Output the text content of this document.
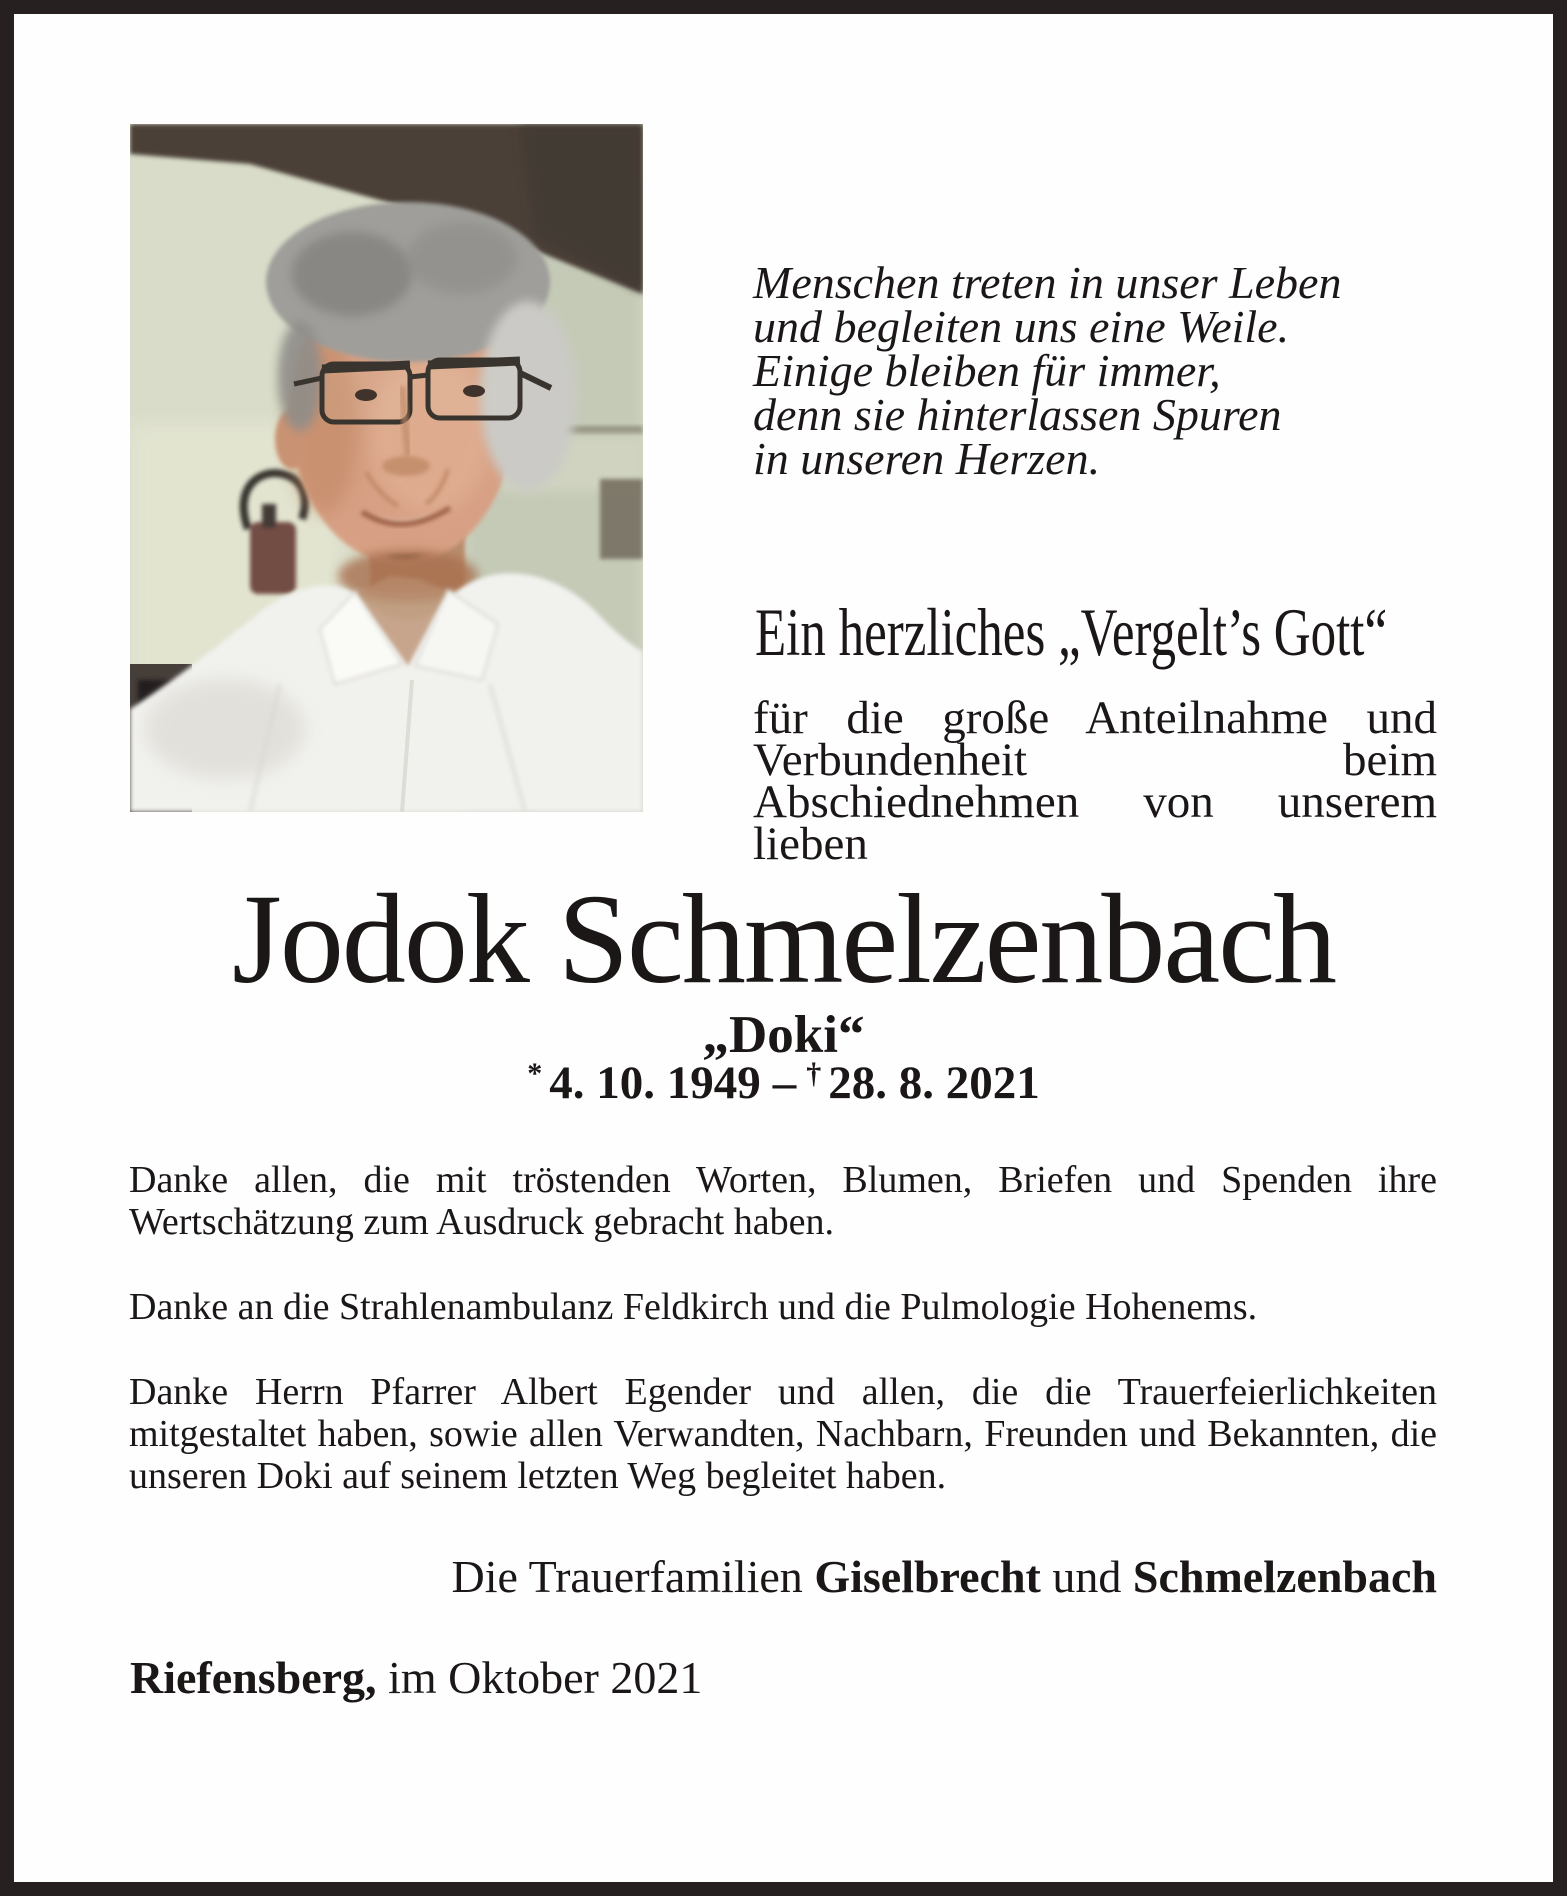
Menschen treten in unser Leben
und begleiten uns eine Weile.
Einige bleiben für immer,
denn sie hinterlassen Spuren
in unseren Herzen.
Ein herzliches „Vergelt’s Gott“

für die große Anteilnahme und Verbundenheit beim Abschiednehmen von unserem lieben

Jodok Schmelzenbach
„Doki“
* 4. 10. 1949 – † 28. 8. 2021

Danke allen, die mit tröstenden Worten, Blumen, Briefen und Spenden ihre Wertschätzung zum Ausdruck gebracht haben.

Danke an die Strahlenambulanz Feldkirch und die Pulmologie Hohenems.

Danke Herrn Pfarrer Albert Egender und allen, die die Trauerfeierlichkeiten mitgestaltet haben, sowie allen Verwandten, Nachbarn, Freunden und Bekannten, die unseren Doki auf seinem letzten Weg begleitet haben.

Die Trauerfamilien Giselbrecht und Schmelzenbach
Riefensberg, im Oktober 2021
